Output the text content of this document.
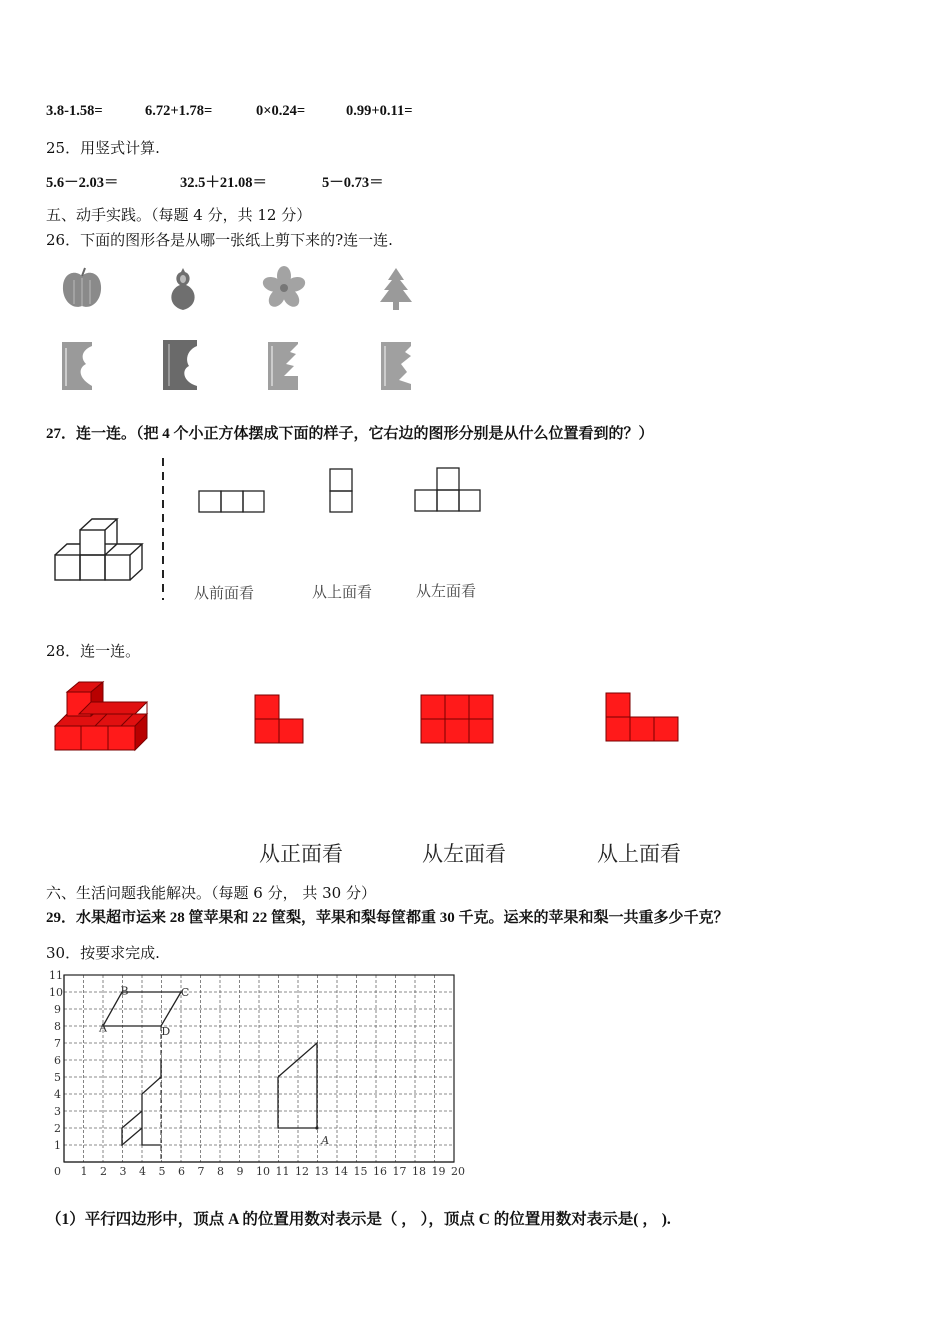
3.8-1.58=	6.72+1.78=	0×0.24=	0.99+0.11=
25．用竖式计算.
5.6－2.03＝	32.5＋21.08＝	5－0.73＝
五、动手实践。（每题 4 分，共 12 分）
26．下面的图形各是从哪一张纸上剪下来的?连一连.
27．连一连。（把 4 个小正方体摆成下面的样子，它右边的图形分别是从什么位置看到的？）
从前面看	从上面看	从左面看
28．连一连。
从正面看	从左面看	从上面看
六、生活问题我能解决。（每题 6 分， 共 30 分）
29．水果超市运来 28 筐苹果和 22 筐梨，苹果和梨每筐都重 30 千克。运来的苹果和梨一共重多少千克？
30．按要求完成.
0 1 2 3 4 5 6 7 8 9 10 11 12 13 14 15 16 17 18 19 20
1
2
3
4
5
6
7
8
9
10
11
A
B	C
D
A
（1）平行四边形中，顶点 A 的位置用数对表示是（ ， ），顶点 C 的位置用数对表示是( ， ).
